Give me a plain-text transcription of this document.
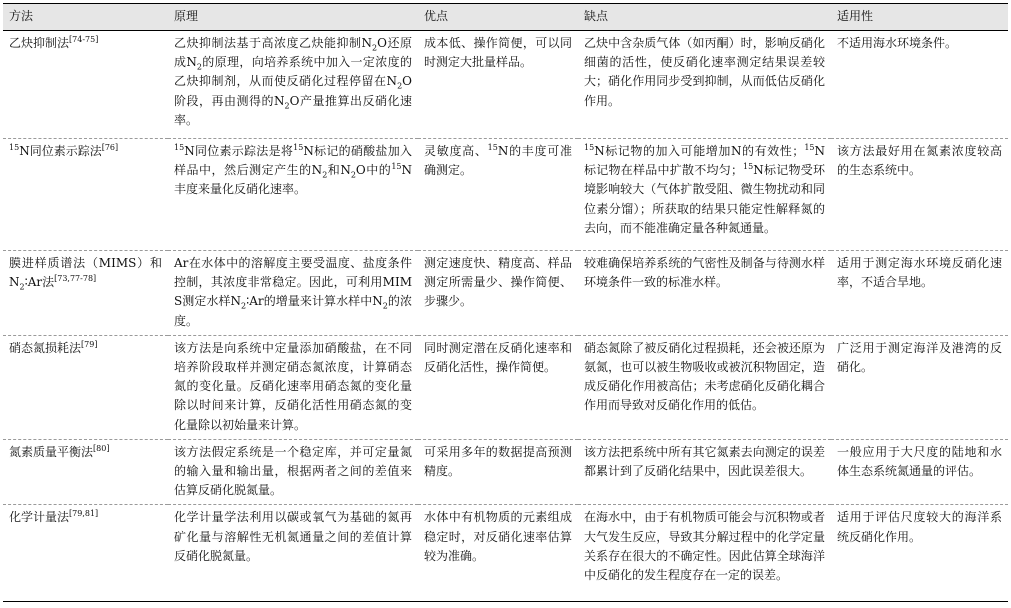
方法	原理	优点	缺点	适用性
乙炔抑制法[74-75]	乙炔抑制法基于高浓度乙炔能抑制$N_2O$还原成$N_2$的原理，向培养系统中加入一定浓度的乙炔抑制剂，从而使反硝化过程停留在$N_2O$阶段，再由测得的$N_2O$产量推算出反硝化速率。	成本低、操作简便，可以同时测定大批量样品。	乙炔中含杂质气体（如丙酮）时，影响反硝化细菌的活性，使反硝化速率测定结果误差较大；硝化作用同步受到抑制，从而低估反硝化作用。	不适用海水环境条件。
$^{15}$N同位素示踪法[76]	$^{15}$N同位素示踪法是将$^{15}$N标记的硝酸盐加入样品中，然后测定产生的$N_2$和$N_2O$中的$^{15}$N丰度来量化反硝化速率。	灵敏度高、$^{15}$N的丰度可准确测定。	$^{15}$N标记物的加入可能增加N的有效性；$^{15}$N标记物在样品中扩散不均匀；$^{15}$N标记物受环境影响较大（气体扩散受阻、微生物扰动和同位素分馏）；所获取的结果只能定性解释氮的去向，而不能准确定量各种氮通量。	该方法最好用在氮素浓度较高的生态系统中。
膜进样质谱法（MIMS）和$N_2∶Ar$法[73,77-78]	Ar在水体中的溶解度主要受温度、盐度条件控制，其浓度非常稳定。因此，可利用MIMS测定水样$N_2∶Ar$的增量来计算水样中$N_2$的浓度。	测定速度快、精度高、样品测定所需量少、操作简便、步骤少。	较难确保培养系统的气密性及制备与待测水样环境条件一致的标准水样。	适用于测定海水环境反硝化速率，不适合旱地。
硝态氮损耗法[79]	该方法是向系统中定量添加硝酸盐，在不同培养阶段取样并测定硝态氮浓度，计算硝态氮的变化量。反硝化速率用硝态氮的变化量除以时间来计算，反硝化活性用硝态氮的变化量除以初始量来计算。	同时测定潜在反硝化速率和反硝化活性，操作简便。	硝态氮除了被反硝化过程损耗，还会被还原为氨氮，也可以被生物吸收或被沉积物固定，造成反硝化作用被高估；未考虑硝化反硝化耦合作用而导致对反硝化作用的低估。	广泛用于测定海洋及港湾的反硝化。
氮素质量平衡法[80]	该方法假定系统是一个稳定库，并可定量氮的输入量和输出量，根据两者之间的差值来估算反硝化脱氮量。	可采用多年的数据提高预测精度。	该方法把系统中所有其它氮素去向测定的误差都累计到了反硝化结果中，因此误差很大。	一般应用于大尺度的陆地和水体生态系统氮通量的评估。
化学计量法[79,81]	化学计量学法利用以碳或氧气为基础的氮再矿化量与溶解性无机氮通量之间的差值计算反硝化脱氮量。	水体中有机物质的元素组成稳定时，对反硝化速率估算较为准确。	在海水中，由于有机物质可能会与沉积物或者大气发生反应，导致其分解过程中的化学定量关系存在很大的不确定性。因此估算全球海洋中反硝化的发生程度存在一定的误差。	适用于评估尺度较大的海洋系统反硝化作用。
